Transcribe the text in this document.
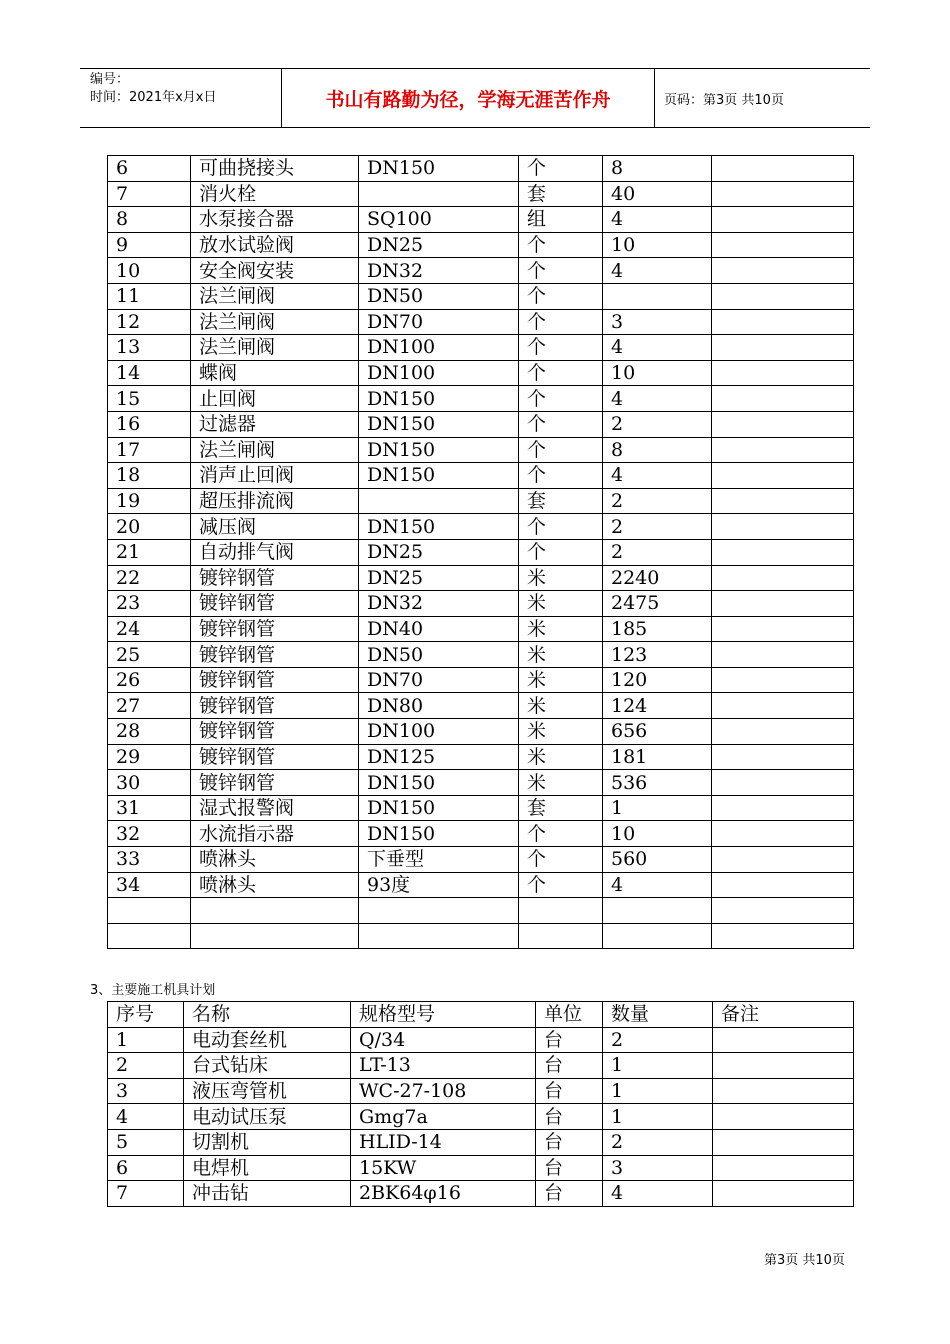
编号：
时间：2021年x月x日	书山有路勤为径，学海无涯苦作舟	页码：第3页 共10页
6	可曲挠接头	DN150	个	8	
7	消火栓		套	40	
8	水泵接合器	SQ100	组	4	
9	放水试验阀	DN25	个	10	
10	安全阀安装	DN32	个	4	
11	法兰闸阀	DN50	个		
12	法兰闸阀	DN70	个	3	
13	法兰闸阀	DN100	个	4	
14	蝶阀	DN100	个	10	
15	止回阀	DN150	个	4	
16	过滤器	DN150	个	2	
17	法兰闸阀	DN150	个	8	
18	消声止回阀	DN150	个	4	
19	超压排流阀		套	2	
20	减压阀	DN150	个	2	
21	自动排气阀	DN25	个	2	
22	镀锌钢管	DN25	米	2240	
23	镀锌钢管	DN32	米	2475	
24	镀锌钢管	DN40	米	185	
25	镀锌钢管	DN50	米	123	
26	镀锌钢管	DN70	米	120	
27	镀锌钢管	DN80	米	124	
28	镀锌钢管	DN100	米	656	
29	镀锌钢管	DN125	米	181	
30	镀锌钢管	DN150	米	536	
31	湿式报警阀	DN150	套	1	
32	水流指示器	DN150	个	10	
33	喷淋头	下垂型	个	560	
34	喷淋头	93度	个	4	

3、主要施工机具计划
序号	名称	规格型号	单位	数量	备注
1	电动套丝机	Q/34	台	2	
2	台式钻床	LT-13	台	1	
3	液压弯管机	WC-27-108	台	1	
4	电动试压泵	Gmg7a	台	1	
5	切割机	HLID-14	台	2	
6	电焊机	15KW	台	3	
7	冲击钻	2BK64φ16	台	4	
第3页 共10页
